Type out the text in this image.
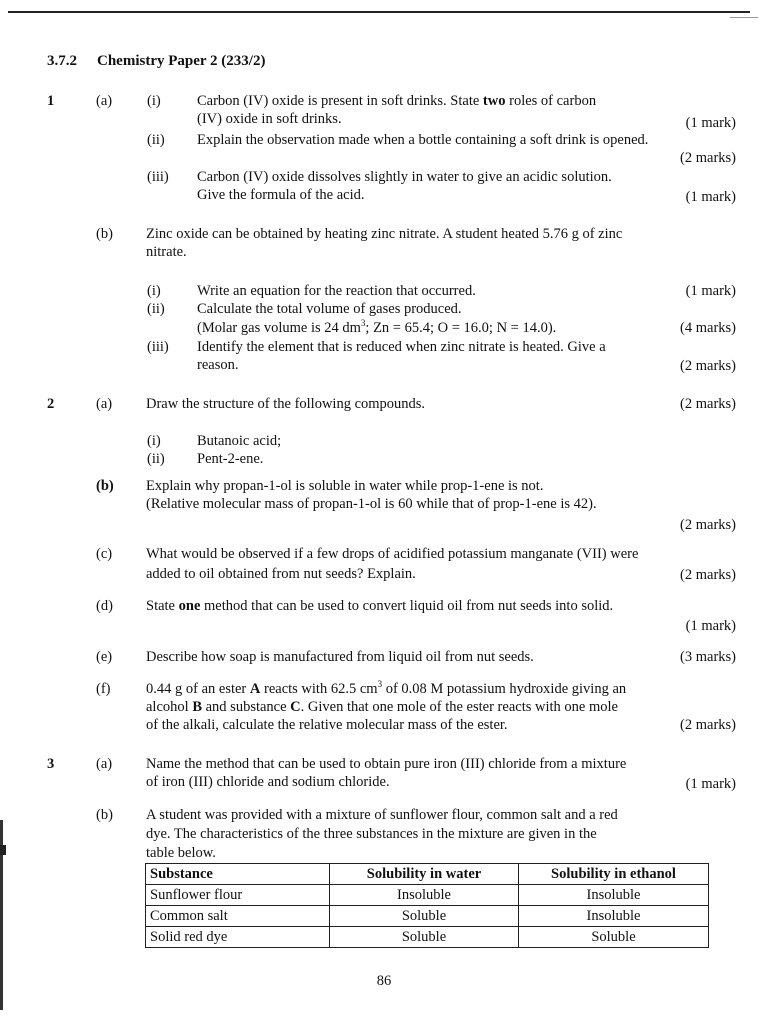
3.7.2 Chemistry Paper 2 (233/2)
1	(a) (i)	Carbon (IV) oxide is present in soft drinks. State two roles of carbon
(IV) oxide in soft drinks.	(1 mark)
(ii) Explain the observation made when a bottle containing a soft drink is opened.
(2 marks)
(iii) Carbon (IV) oxide dissolves slightly in water to give an acidic solution.
Give the formula of the acid.	(1 mark)
(b) Zinc oxide can be obtained by heating zinc nitrate. A student heated 5.76 g of zinc
nitrate.
(i)	Write an equation for the reaction that occurred.	(1 mark)
(ii) Calculate the total volume of gases produced.
(Molar gas volume is 24 $dm^3$; Zn = 65.4; O = 16.0; N = 14.0).	(4 marks)
(iii) Identify the element that is reduced when zinc nitrate is heated. Give a
reason.	(2 marks)
2	(a) Draw the structure of the following compounds.	(2 marks)
(i)	Butanoic acid;
(ii) Pent-2-ene.
(b) Explain why propan-1-ol is soluble in water while prop-1-ene is not.
(Relative molecular mass of propan-1-ol is 60 while that of prop-1-ene is 42).
(2 marks)
(c) What would be observed if a few drops of acidified potassium manganate (VII) were
added to oil obtained from nut seeds? Explain.	(2 marks)
(d) State one method that can be used to convert liquid oil from nut seeds into solid.
(1 mark)
(e) Describe how soap is manufactured from liquid oil from nut seeds.	(3 marks)
(f) 0.44 g of an ester A reacts with 62.5 $cm^3$ of 0.08 M potassium hydroxide giving an
alcohol B and substance C. Given that one mole of the ester reacts with one mole
of the alkali, calculate the relative molecular mass of the ester.	(2 marks)
3	(a) Name the method that can be used to obtain pure iron (III) chloride from a mixture
of iron (III) chloride and sodium chloride.	(1 mark)
(b) A student was provided with a mixture of sunflower flour, common salt and a red
dye. The characteristics of the three substances in the mixture are given in the
table below.
Substance	Solubility in water	Solubility in ethanol
Sunflower flour	Insoluble	Insoluble
Common salt	Soluble	Insoluble
Solid red dye	Soluble	Soluble
86
